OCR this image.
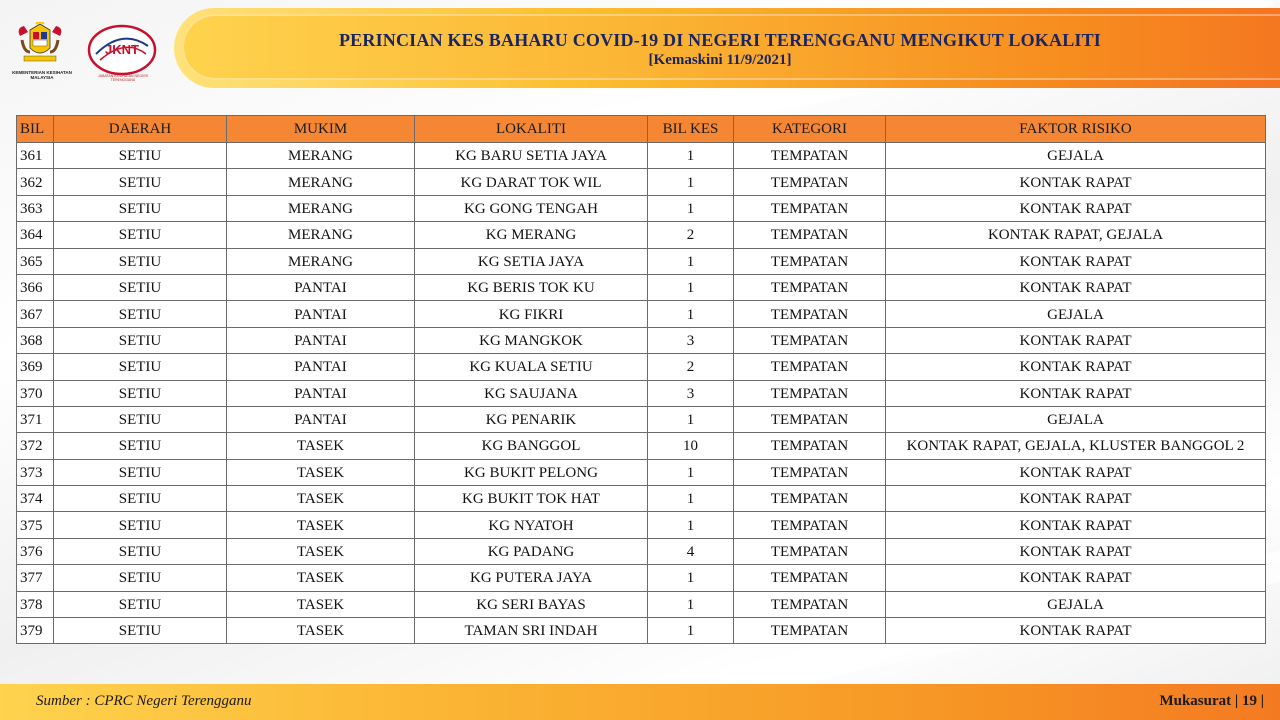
KEMENTERIAN KESIHATAN MALAYSIA
JKNT
JABATAN KESIHATAN NEGERI TERENGGANU
PERINCIAN KES BAHARU COVID-19 DI NEGERI TERENGGANU MENGIKUT LOKALITI
[Kemaskini 11/9/2021]
BIL	DAERAH	MUKIM	LOKALITI	BIL KES	KATEGORI	FAKTOR RISIKO
361	SETIU	MERANG	KG BARU SETIA JAYA	1	TEMPATAN	GEJALA
362	SETIU	MERANG	KG DARAT TOK WIL	1	TEMPATAN	KONTAK RAPAT
363	SETIU	MERANG	KG GONG TENGAH	1	TEMPATAN	KONTAK RAPAT
364	SETIU	MERANG	KG MERANG	2	TEMPATAN	KONTAK RAPAT, GEJALA
365	SETIU	MERANG	KG SETIA JAYA	1	TEMPATAN	KONTAK RAPAT
366	SETIU	PANTAI	KG BERIS TOK KU	1	TEMPATAN	KONTAK RAPAT
367	SETIU	PANTAI	KG FIKRI	1	TEMPATAN	GEJALA
368	SETIU	PANTAI	KG MANGKOK	3	TEMPATAN	KONTAK RAPAT
369	SETIU	PANTAI	KG KUALA SETIU	2	TEMPATAN	KONTAK RAPAT
370	SETIU	PANTAI	KG SAUJANA	3	TEMPATAN	KONTAK RAPAT
371	SETIU	PANTAI	KG PENARIK	1	TEMPATAN	GEJALA
372	SETIU	TASEK	KG BANGGOL	10	TEMPATAN	KONTAK RAPAT, GEJALA, KLUSTER BANGGOL 2
373	SETIU	TASEK	KG BUKIT PELONG	1	TEMPATAN	KONTAK RAPAT
374	SETIU	TASEK	KG BUKIT TOK HAT	1	TEMPATAN	KONTAK RAPAT
375	SETIU	TASEK	KG NYATOH	1	TEMPATAN	KONTAK RAPAT
376	SETIU	TASEK	KG PADANG	4	TEMPATAN	KONTAK RAPAT
377	SETIU	TASEK	KG PUTERA JAYA	1	TEMPATAN	KONTAK RAPAT
378	SETIU	TASEK	KG SERI BAYAS	1	TEMPATAN	GEJALA
379	SETIU	TASEK	TAMAN SRI INDAH	1	TEMPATAN	KONTAK RAPAT
Sumber : CPRC Negeri Terengganu	Mukasurat | 19 |
